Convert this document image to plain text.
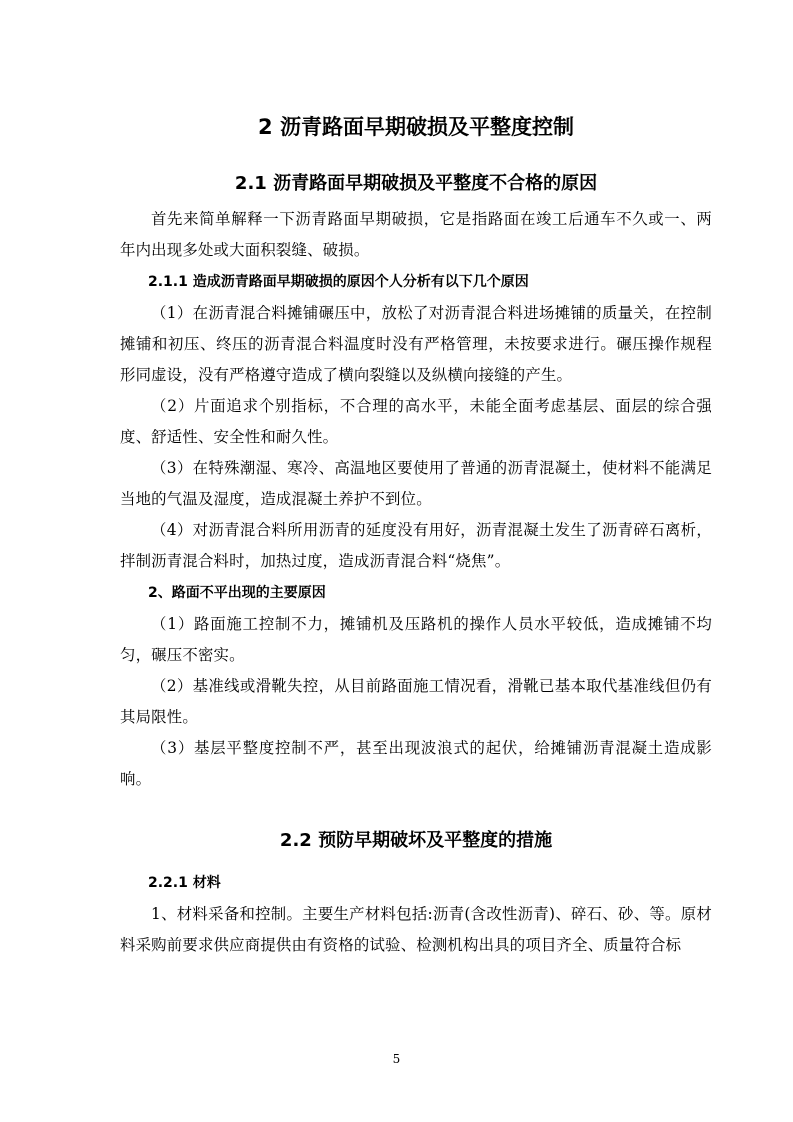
2 沥青路面早期破损及平整度控制
2.1 沥青路面早期破损及平整度不合格的原因

首先来简单解释一下沥青路面早期破损，它是指路面在竣工后通车不久或一、两年内出现多处或大面积裂缝、破损。

2.1.1 造成沥青路面早期破损的原因个人分析有以下几个原因

（1）在沥青混合料摊铺碾压中，放松了对沥青混合料进场摊铺的质量关，在控制摊铺和初压、终压的沥青混合料温度时没有严格管理，未按要求进行。碾压操作规程形同虚设，没有严格遵守造成了横向裂缝以及纵横向接缝的产生。

（2）片面追求个别指标，不合理的高水平，未能全面考虑基层、面层的综合强度、舒适性、安全性和耐久性。

（3）在特殊潮湿、寒冷、高温地区要使用了普通的沥青混凝土，使材料不能满足当地的气温及湿度，造成混凝土养护不到位。

（4）对沥青混合料所用沥青的延度没有用好，沥青混凝土发生了沥青碎石离析，拌制沥青混合料时，加热过度，造成沥青混合料“烧焦”。

2、路面不平出现的主要原因

（1）路面施工控制不力，摊铺机及压路机的操作人员水平较低，造成摊铺不均匀，碾压不密实。

（2）基准线或滑靴失控，从目前路面施工情况看，滑靴已基本取代基准线但仍有其局限性。

（3）基层平整度控制不严，甚至出现波浪式的起伏，给摊铺沥青混凝土造成影响。

2.2 预防早期破坏及平整度的措施
2.2.1 材料

1、材料采备和控制。主要生产材料包括:沥青(含改性沥青)、碎石、砂、等。原材料采购前要求供应商提供由有资格的试验、检测机构出具的项目齐全、质量符合标

5
